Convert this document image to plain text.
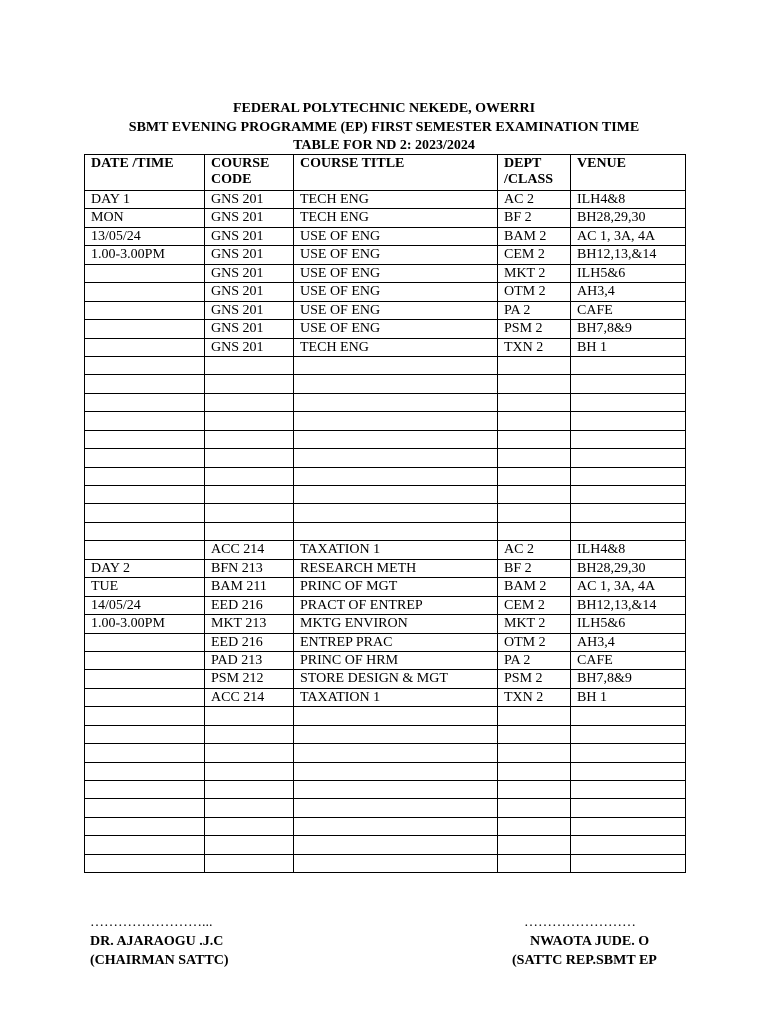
FEDERAL POLYTECHNIC NEKEDE, OWERRI
SBMT EVENING PROGRAMME (EP) FIRST SEMESTER EXAMINATION TIME
TABLE FOR ND 2: 2023/2024
DATE /TIME	COURSE CODE	COURSE TITLE	DEPT /CLASS	VENUE
DAY 1	GNS 201	TECH ENG	AC 2	ILH4&8
MON	GNS 201	TECH ENG	BF 2	BH28,29,30
13/05/24	GNS 201	USE OF ENG	BAM 2	AC 1, 3A, 4A
1.00-3.00PM	GNS 201	USE OF ENG	CEM 2	BH12,13,&14
	GNS 201	USE OF ENG	MKT 2	ILH5&6
	GNS 201	USE OF ENG	OTM 2	AH3,4
	GNS 201	USE OF ENG	PA 2	CAFE
	GNS 201	USE OF ENG	PSM 2	BH7,8&9
	GNS 201	TECH ENG	TXN 2	BH 1

	ACC 214	TAXATION 1	AC 2	ILH4&8
DAY 2	BFN 213	RESEARCH METH	BF 2	BH28,29,30
TUE	BAM 211	PRINC OF MGT	BAM 2	AC 1, 3A, 4A
14/05/24	EED 216	PRACT OF ENTREP	CEM 2	BH12,13,&14
1.00-3.00PM	MKT 213	MKTG ENVIRON	MKT 2	ILH5&6
	EED 216	ENTREP PRAC	OTM 2	AH3,4
	PAD 213	PRINC OF HRM	PA 2	CAFE
	PSM 212	STORE DESIGN & MGT	PSM 2	BH7,8&9
	ACC 214	TAXATION 1	TXN 2	BH 1

……………………...
DR. AJARAOGU .J.C
(CHAIRMAN SATTC)
……………………
NWAOTA JUDE. O
(SATTC REP.SBMT EP
